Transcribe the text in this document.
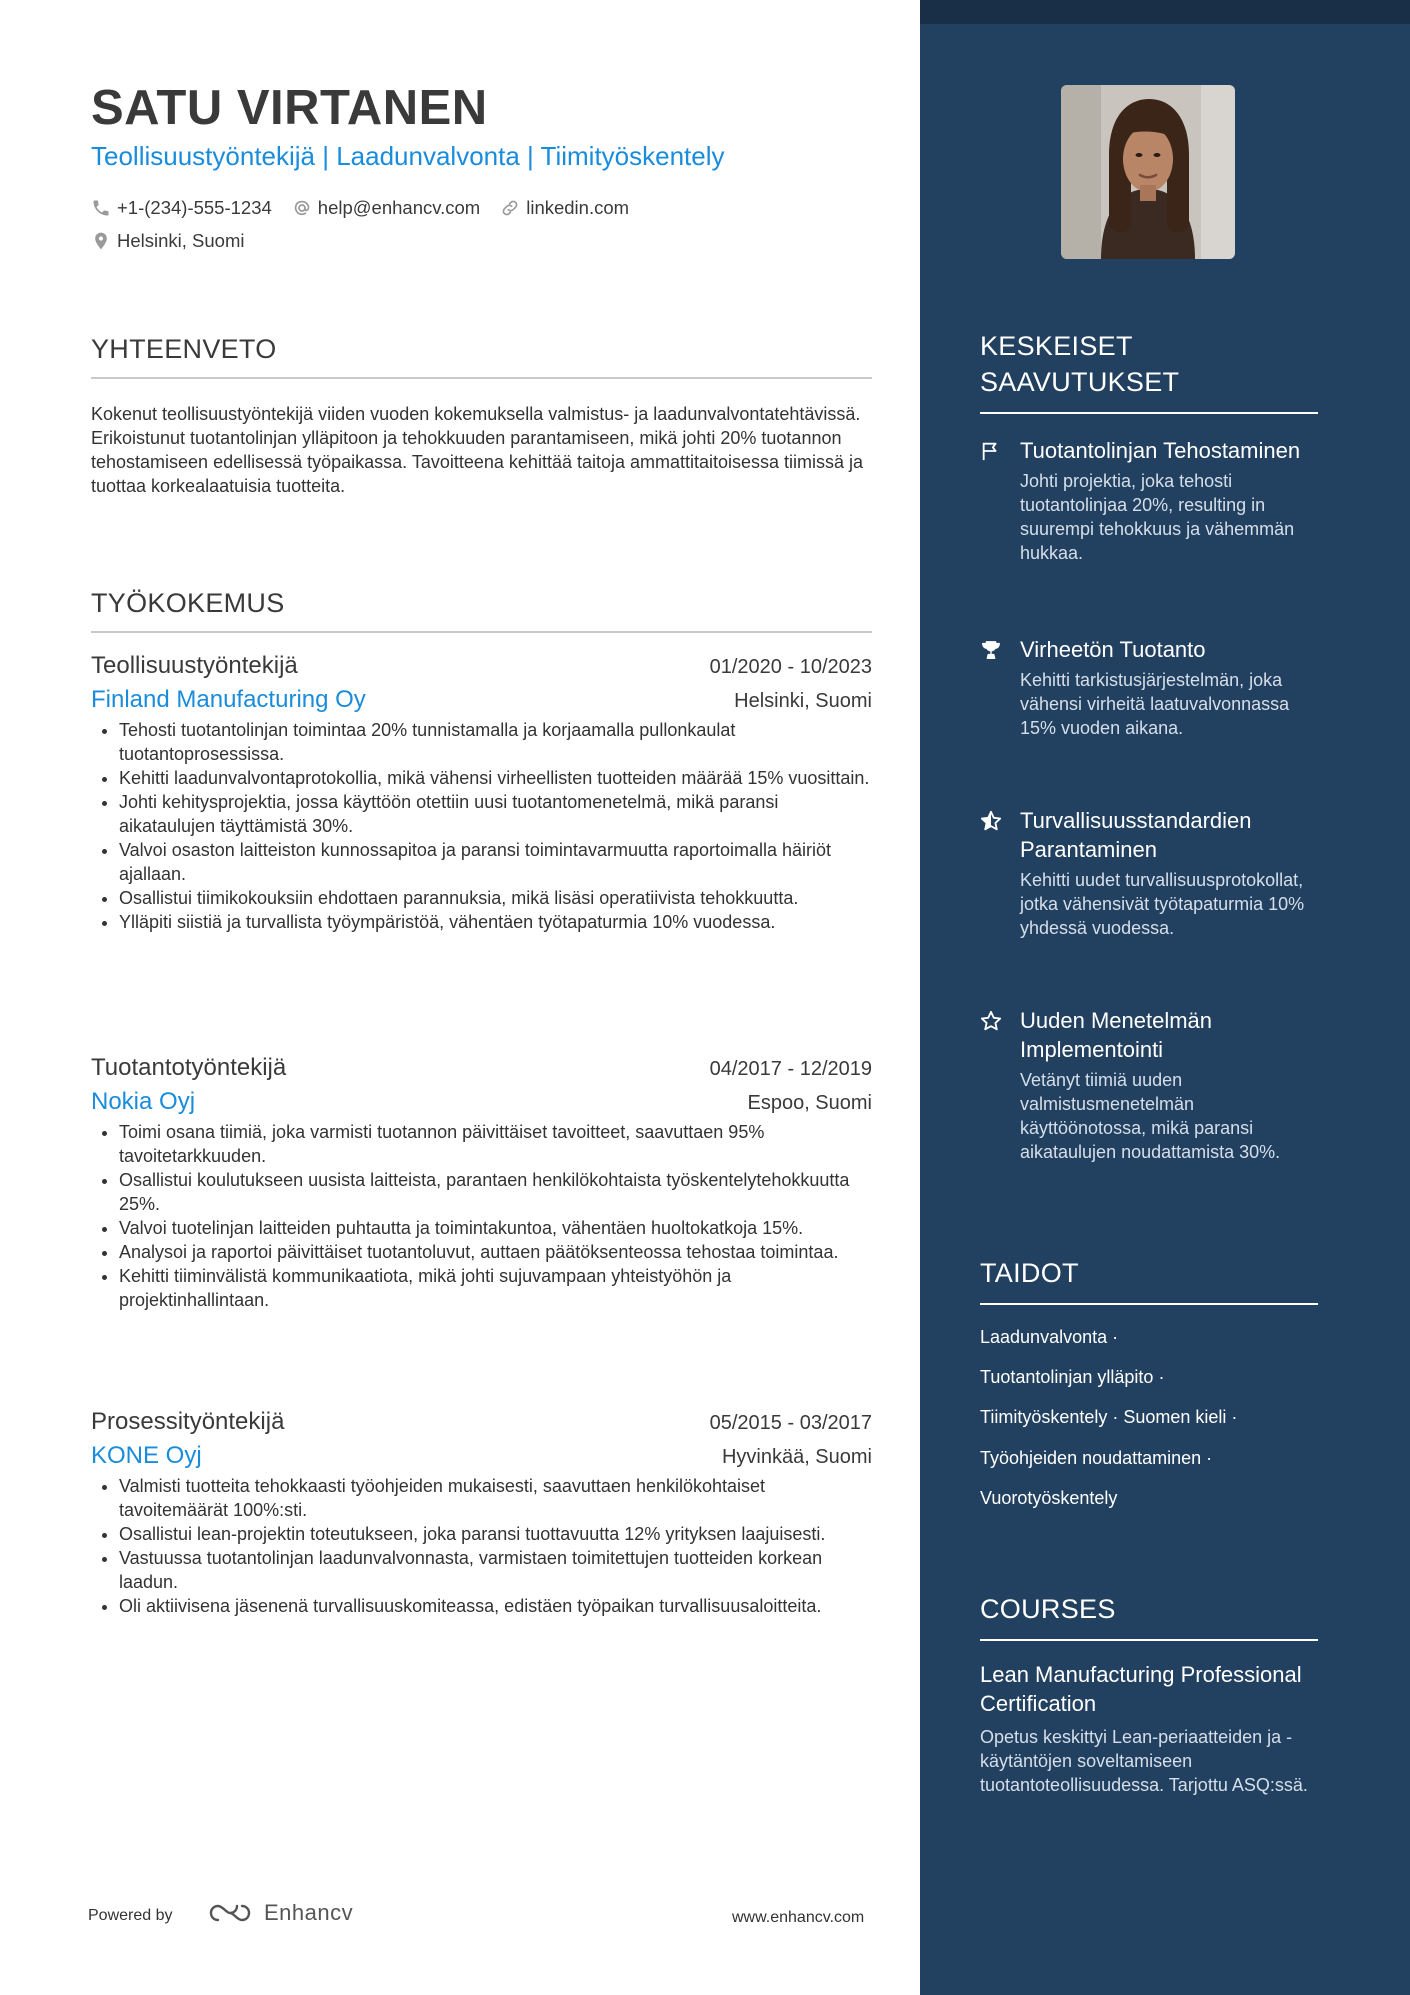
SATU VIRTANEN
Teollisuustyöntekijä | Laadunvalvonta | Tiimityöskentely
+1-(234)-555-1234 help@enhancv.com linkedin.com
Helsinki, Suomi
YHTEENVETO

Kokenut teollisuustyöntekijä viiden vuoden kokemuksella valmistus- ja laadunvalvontatehtävissä. Erikoistunut tuotantolinjan ylläpitoon ja tehokkuuden parantamiseen, mikä johti 20% tuotannon tehostamiseen edellisessä työpaikassa. Tavoitteena kehittää taitoja ammattitaitoisessa tiimissä ja tuottaa korkealaatuisia tuotteita.

TYÖKOKEMUS
Teollisuustyöntekijä	01/2020 - 10/2023
Finland Manufacturing Oy	Helsinki, Suomi
• Tehosti tuotantolinjan toimintaa 20% tunnistamalla ja korjaamalla pullonkaulat tuotantoprosessissa.
• Kehitti laadunvalvontaprotokollia, mikä vähensi virheellisten tuotteiden määrää 15% vuosittain.
• Johti kehitysprojektia, jossa käyttöön otettiin uusi tuotantomenetelmä, mikä paransi aikataulujen täyttämistä 30%.
• Valvoi osaston laitteiston kunnossapitoa ja paransi toimintavarmuutta raportoimalla häiriöt ajallaan.
• Osallistui tiimikokouksiin ehdottaen parannuksia, mikä lisäsi operatiivista tehokkuutta.
• Ylläpiti siistiä ja turvallista työympäristöä, vähentäen työtapaturmia 10% vuodessa.
Tuotantotyöntekijä	04/2017 - 12/2019
Nokia Oyj	Espoo, Suomi
• Toimi osana tiimiä, joka varmisti tuotannon päivittäiset tavoitteet, saavuttaen 95% tavoitetarkkuuden.
• Osallistui koulutukseen uusista laitteista, parantaen henkilökohtaista työskentelytehokkuutta 25%.
• Valvoi tuotelinjan laitteiden puhtautta ja toimintakuntoa, vähentäen huoltokatkoja 15%.
• Analysoi ja raportoi päivittäiset tuotantoluvut, auttaen päätöksenteossa tehostaa toimintaa.
• Kehitti tiiminvälistä kommunikaatiota, mikä johti sujuvampaan yhteistyöhön ja projektinhallintaan.
Prosessityöntekijä	05/2015 - 03/2017
KONE Oyj	Hyvinkää, Suomi
• Valmisti tuotteita tehokkaasti työohjeiden mukaisesti, saavuttaen henkilökohtaiset tavoitemäärät 100%:sti.
• Osallistui lean-projektin toteutukseen, joka paransi tuottavuutta 12% yrityksen laajuisesti.
• Vastuussa tuotantolinjan laadunvalvonnasta, varmistaen toimitettujen tuotteiden korkean laadun.
• Oli aktiivisena jäsenenä turvallisuuskomiteassa, edistäen työpaikan turvallisuusaloitteita.
Powered by	Enhancv	www.enhancv.com
KESKEISET SAAVUTUKSET
Tuotantolinjan Tehostaminen
Johti projektia, joka tehosti tuotantolinjaa 20%, resulting in suurempi tehokkuus ja vähemmän hukkaa.
Virheetön Tuotanto
Kehitti tarkistusjärjestelmän, joka vähensi virheitä laatuvalvonnassa 15% vuoden aikana.
Turvallisuusstandardien Parantaminen
Kehitti uudet turvallisuusprotokollat, jotka vähensivät työtapaturmia 10% yhdessä vuodessa.
Uuden Menetelmän Implementointi
Vetänyt tiimiä uuden valmistusmenetelmän käyttöönotossa, mikä paransi aikataulujen noudattamista 30%.
TAIDOT
Laadunvalvonta ·
Tuotantolinjan ylläpito ·
Tiimityöskentely · Suomen kieli ·
Työohjeiden noudattaminen ·
Vuorotyöskentely
COURSES
Lean Manufacturing Professional Certification
Opetus keskittyi Lean-periaatteiden ja -käytäntöjen soveltamiseen tuotantoteollisuudessa. Tarjottu ASQ:ssä.
